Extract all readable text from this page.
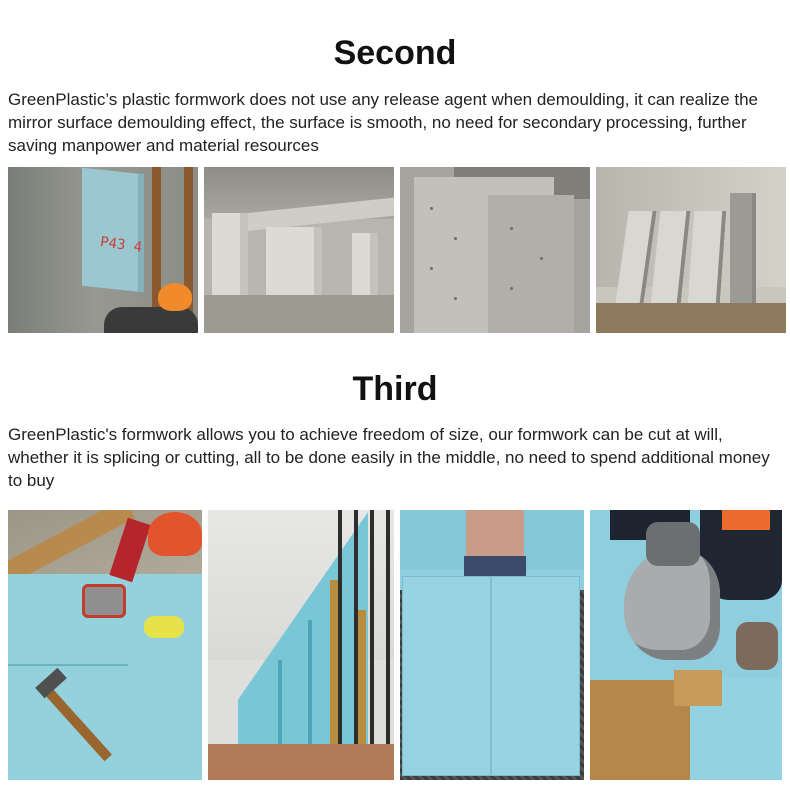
Second

GreenPlastic’s plastic formwork does not use any release agent when demoulding, it can realize the mirror surface demoulding effect, the surface is smooth, no need for secondary processing, further saving manpower and material resources

P43 4
Third

GreenPlastic's formwork allows you to achieve freedom of size, our formwork can be cut at will, whether it is splicing or cutting, all to be done easily in the middle, no need to spend additional money to buy
